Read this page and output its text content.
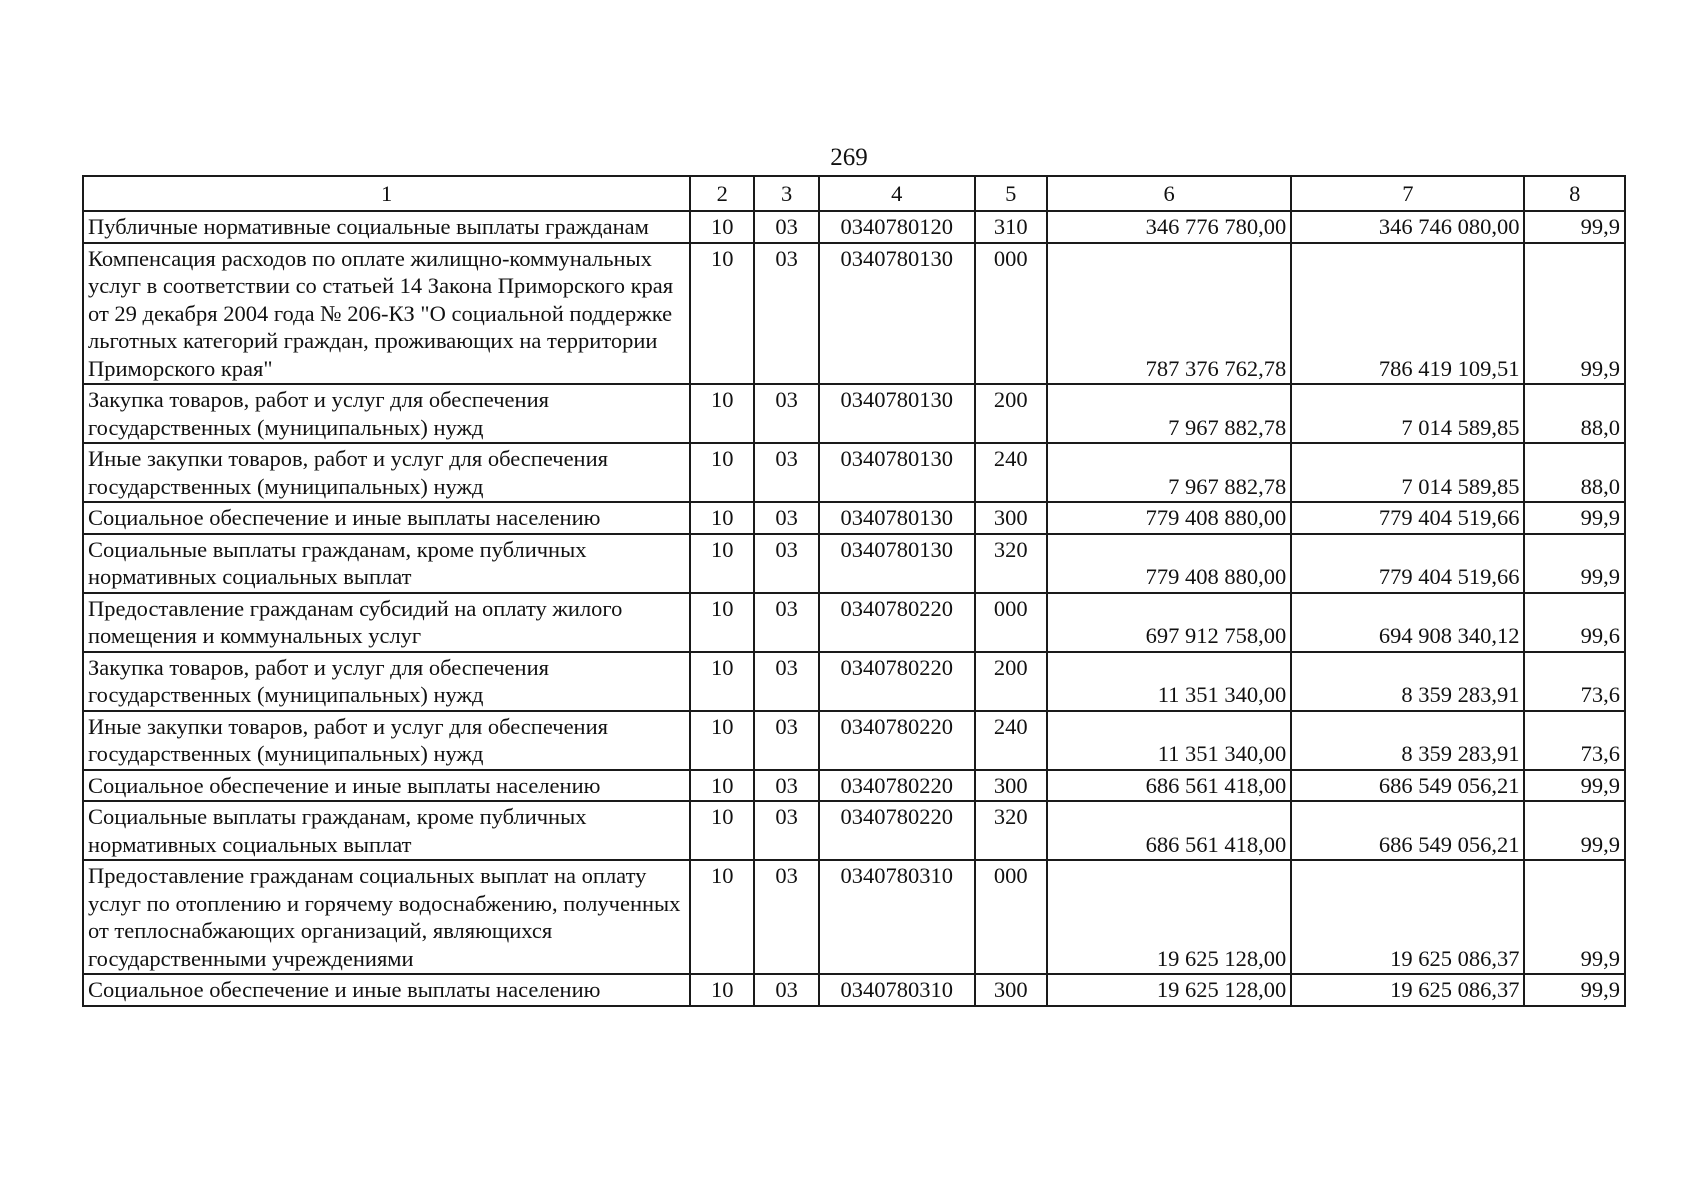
269
1	2	3	4	5	6	7	8
Публичные нормативные социальные выплаты гражданам	10	03	0340780120	310	346 776 780,00	346 746 080,00	99,9
Компенсация расходов по оплате жилищно-коммунальных услуг в соответствии со статьей 14 Закона Приморского края от 29 декабря 2004 года № 206-КЗ "О социальной поддержке льготных категорий граждан, проживающих на территории Приморского края"	10	03	0340780130	000	787 376 762,78	786 419 109,51	99,9
Закупка товаров, работ и услуг для обеспечения государственных (муниципальных) нужд	10	03	0340780130	200	7 967 882,78	7 014 589,85	88,0
Иные закупки товаров, работ и услуг для обеспечения государственных (муниципальных) нужд	10	03	0340780130	240	7 967 882,78	7 014 589,85	88,0
Социальное обеспечение и иные выплаты населению	10	03	0340780130	300	779 408 880,00	779 404 519,66	99,9
Социальные выплаты гражданам, кроме публичных нормативных социальных выплат	10	03	0340780130	320	779 408 880,00	779 404 519,66	99,9
Предоставление гражданам субсидий на оплату жилого помещения и коммунальных услуг	10	03	0340780220	000	697 912 758,00	694 908 340,12	99,6
Закупка товаров, работ и услуг для обеспечения государственных (муниципальных) нужд	10	03	0340780220	200	11 351 340,00	8 359 283,91	73,6
Иные закупки товаров, работ и услуг для обеспечения государственных (муниципальных) нужд	10	03	0340780220	240	11 351 340,00	8 359 283,91	73,6
Социальное обеспечение и иные выплаты населению	10	03	0340780220	300	686 561 418,00	686 549 056,21	99,9
Социальные выплаты гражданам, кроме публичных нормативных социальных выплат	10	03	0340780220	320	686 561 418,00	686 549 056,21	99,9
Предоставление гражданам социальных выплат на оплату услуг по отоплению и горячему водоснабжению, полученных от теплоснабжающих организаций, являющихся государственными учреждениями	10	03	0340780310	000	19 625 128,00	19 625 086,37	99,9
Социальное обеспечение и иные выплаты населению	10	03	0340780310	300	19 625 128,00	19 625 086,37	99,9
